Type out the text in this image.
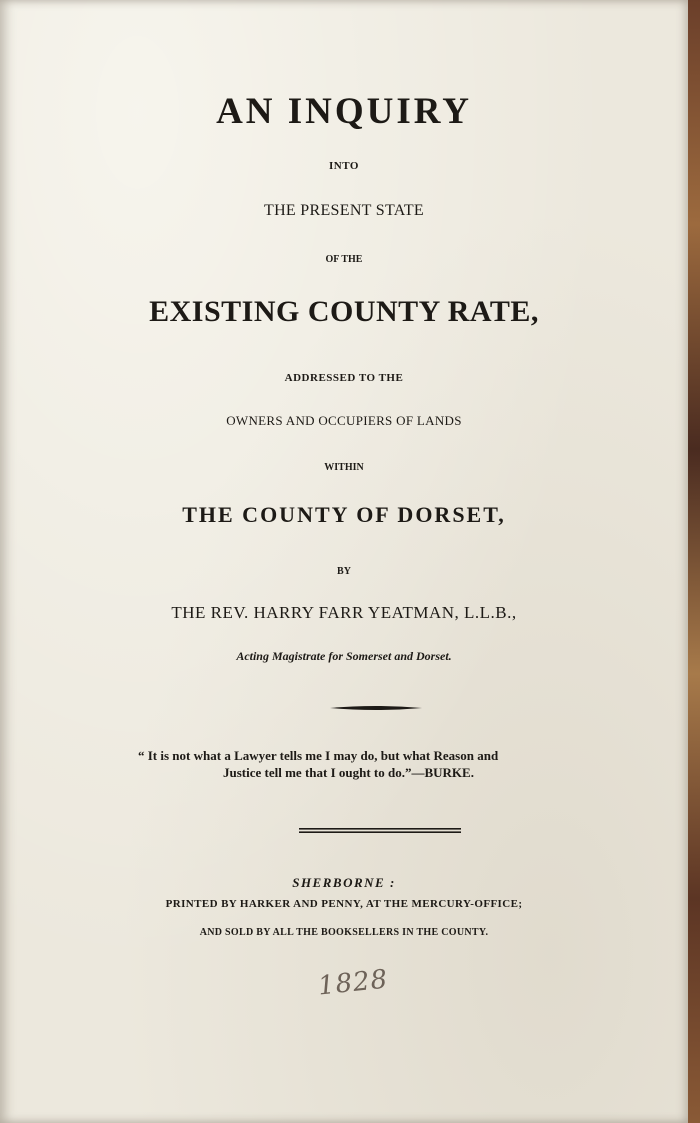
AN INQUIRY
INTO
THE PRESENT STATE
OF THE
EXISTING COUNTY RATE,
ADDRESSED TO THE
OWNERS AND OCCUPIERS OF LANDS
WITHIN
THE COUNTY OF DORSET,
BY
THE REV. HARRY FARR YEATMAN, L.L.B.,
Acting Magistrate for Somerset and Dorset.
“ It is not what a Lawyer tells me I may do, but what Reason and
Justice tell me that I ought to do.”—BURKE.
SHERBORNE :
PRINTED BY HARKER AND PENNY, AT THE MERCURY-OFFICE;
AND SOLD BY ALL THE BOOKSELLERS IN THE COUNTY.
1828
